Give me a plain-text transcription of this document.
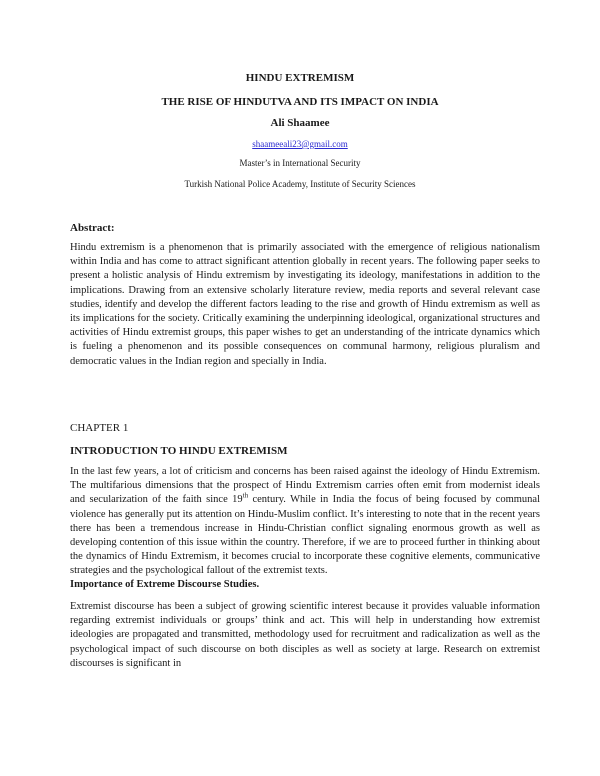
HINDU EXTREMISM
THE RISE OF HINDUTVA AND ITS IMPACT ON INDIA
Ali Shaamee
shaameeali23@gmail.com
Master’s in International Security
Turkish National Police Academy, Institute of Security Sciences
Abstract:
Hindu extremism is a phenomenon that is primarily associated with the emergence of religious nationalism within India and has come to attract significant attention globally in recent years. The following paper seeks to present a holistic analysis of Hindu extremism by investigating its ideology, manifestations in addition to the implications. Drawing from an extensive scholarly literature review, media reports and several relevant case studies, identify and develop the different factors leading to the rise and growth of Hindu extremism as well as its implications for the society. Critically examining the underpinning ideological, organizational structures and activities of Hindu extremist groups, this paper wishes to get an understanding of the intricate dynamics which is fueling a phenomenon and its possible consequences on communal harmony, religious pluralism and democratic values in the Indian region and specially in India.
CHAPTER 1
INTRODUCTION TO HINDU EXTREMISM
In the last few years, a lot of criticism and concerns has been raised against the ideology of Hindu Extremism. The multifarious dimensions that the prospect of Hindu Extremism carries often emit from modernist ideals and secularization of the faith since 19th century. While in India the focus of being focused by communal violence has generally put its attention on Hindu-Muslim conflict. It’s interesting to note that in the recent years there has been a tremendous increase in Hindu-Christian conflict signaling enormous growth as well as developing contention of this issue within the country. Therefore, if we are to proceed further in thinking about the dynamics of Hindu Extremism, it becomes crucial to incorporate these cognitive elements, communicative strategies and the psychological fallout of the extremist texts.
Importance of Extreme Discourse Studies.
Extremist discourse has been a subject of growing scientific interest because it provides valuable information regarding extremist individuals or groups’ think and act. This will help in understanding how extremist ideologies are propagated and transmitted, methodology used for recruitment and radicalization as well as the psychological impact of such discourse on both disciples as well as society at large. Research on extremist discourses is significant in
